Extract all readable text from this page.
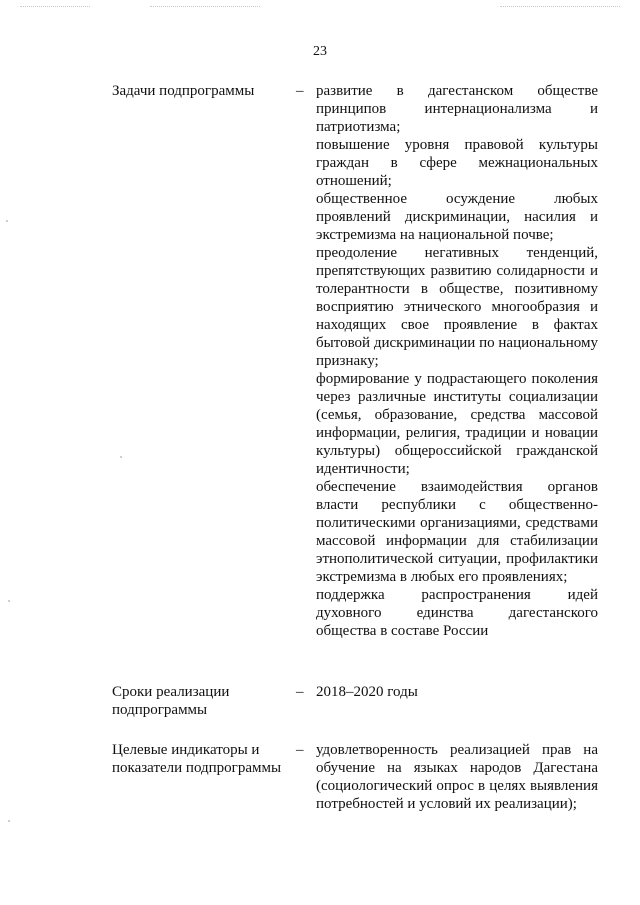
23
Задачи подпрограммы	– развитие в дагестанском обществе принципов интернационализма и патриотизма;

повышение уровня правовой культуры граждан в сфере межнациональных отношений;

общественное осуждение любых проявлений дискриминации, насилия и экстремизма на национальной почве;

преодоление негативных тенденций, препятствующих развитию солидарности и толерантности в обществе, позитивному восприятию этнического многообразия и находящих свое проявление в фактах бытовой дискриминации по национальному признаку;

формирование у подрастающего поколения через различные институты социализации (семья, образование, средства массовой информации, религия, традиции и новации культуры) общероссийской гражданской идентичности;

обеспечение взаимодействия органов власти республики с общественно-политическими организациями, средствами массовой информации для стабилизации этнополитической ситуации, профилактики экстремизма в любых его проявлениях;

поддержка распространения идей духовного единства дагестанского общества в составе России

Сроки реализации подпрограммы
– 2018–2020 годы
Целевые индикаторы и показатели подпрограммы
– удовлетворенность реализацией прав на обучение на языках народов Дагестана (социологический опрос в целях выявления потребностей и условий их реализации);
